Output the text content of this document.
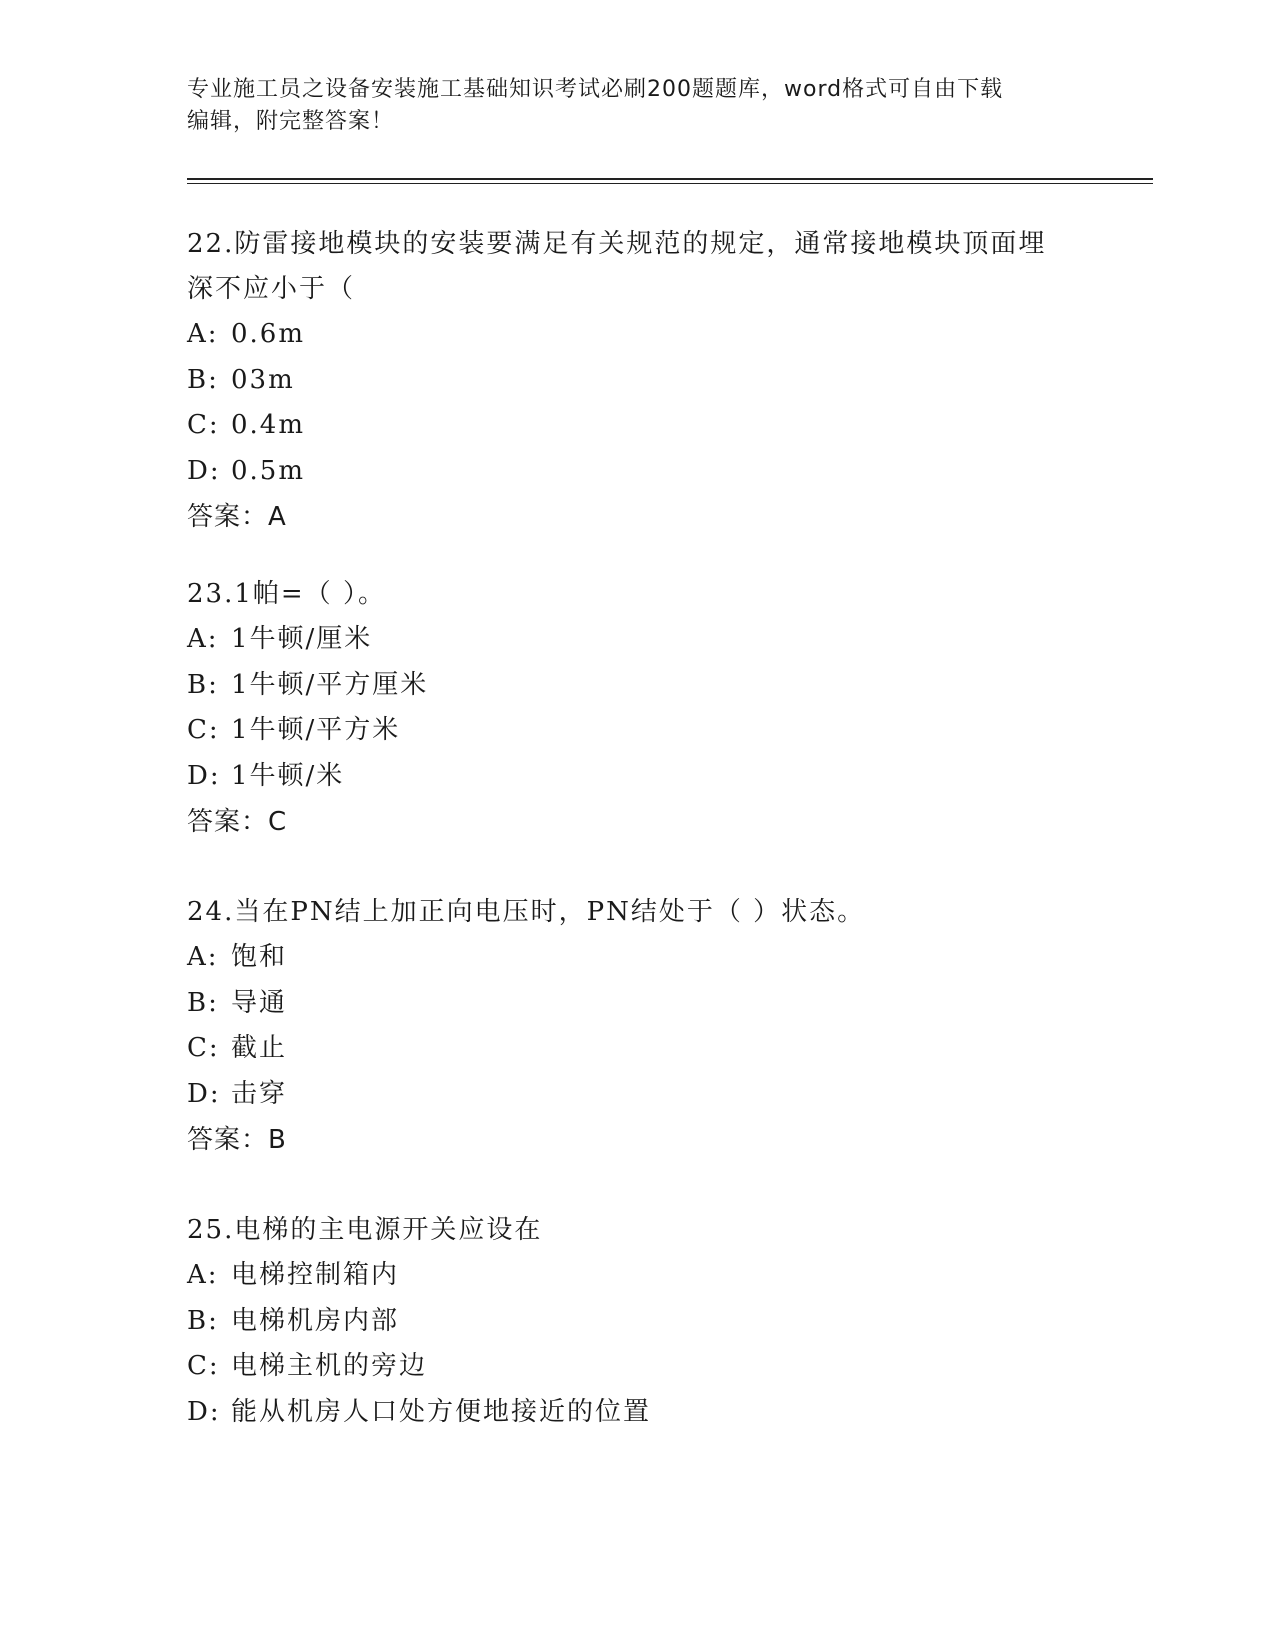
专业施工员之设备安装施工基础知识考试必刷200题题库，word格式可自由下载
编辑，附完整答案！
22.防雷接地模块的安装要满足有关规范的规定，通常接地模块顶面埋
深不应小于（
A: 0.6m
B: 03m
C: 0.4m
D: 0.5m
答案：A
23.1帕=（ ）。
A: 1牛顿/厘米
B: 1牛顿/平方厘米
C: 1牛顿/平方米
D: 1牛顿/米
答案：C
24.当在PN结上加正向电压时，PN结处于（ ）状态。
A: 饱和
B: 导通
C: 截止
D: 击穿
答案：B
25.电梯的主电源开关应设在
A: 电梯控制箱内
B: 电梯机房内部
C: 电梯主机的旁边
D: 能从机房人口处方便地接近的位置
